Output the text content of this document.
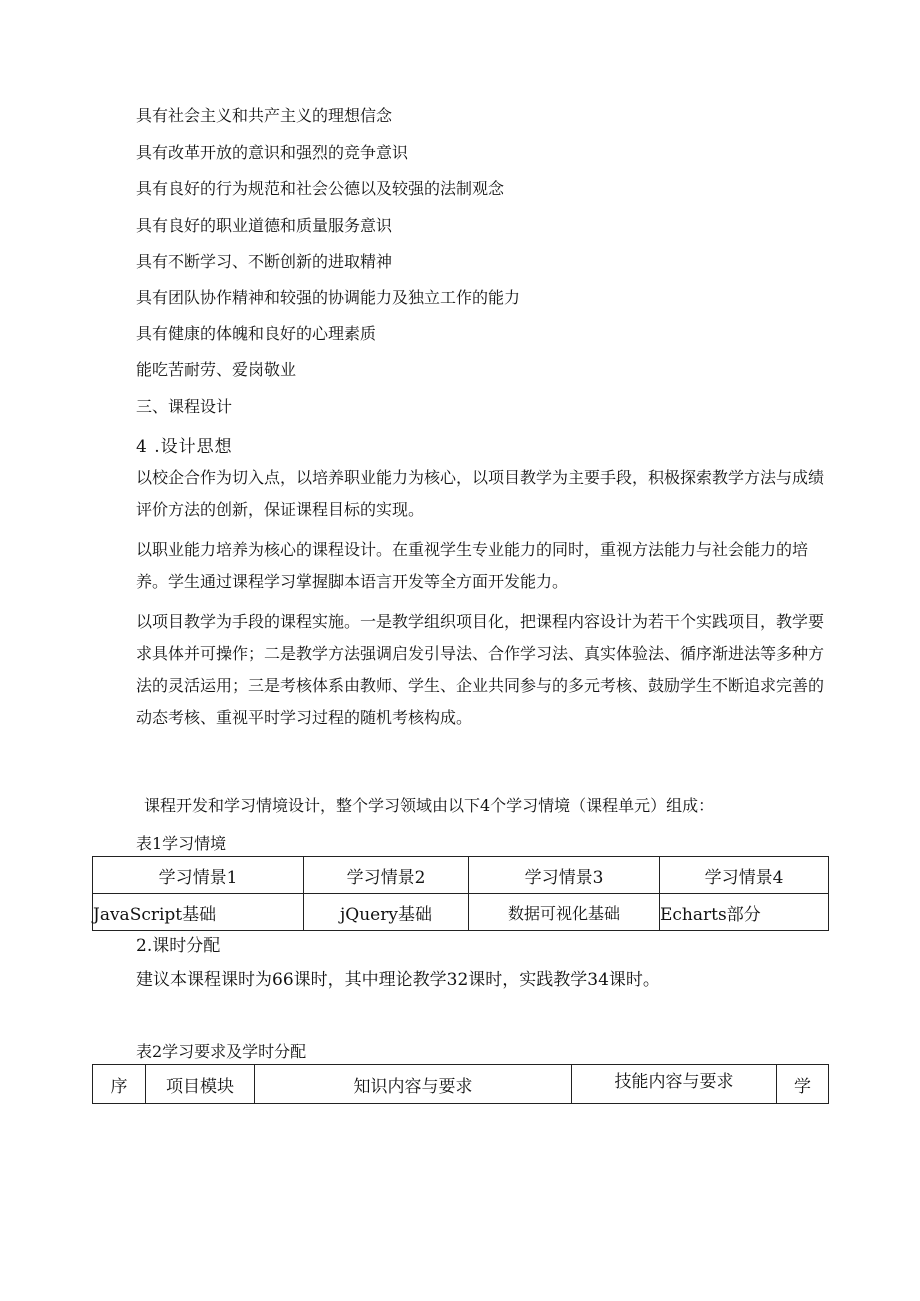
具有社会主义和共产主义的理想信念
具有改革开放的意识和强烈的竞争意识
具有良好的行为规范和社会公德以及较强的法制观念
具有良好的职业道德和质量服务意识
具有不断学习、不断创新的进取精神
具有团队协作精神和较强的协调能力及独立工作的能力
具有健康的体魄和良好的心理素质
能吃苦耐劳、爱岗敬业
三、课程设计
4 .设计思想
以校企合作为切入点，以培养职业能力为核心，以项目教学为主要手段，积极探索教学方法与成绩评价方法的创新，保证课程目标的实现。
以职业能力培养为核心的课程设计。在重视学生专业能力的同时，重视方法能力与社会能力的培养。学生通过课程学习掌握脚本语言开发等全方面开发能力。
以项目教学为手段的课程实施。一是教学组织项目化，把课程内容设计为若干个实践项目，教学要求具体并可操作；二是教学方法强调启发引导法、合作学习法、真实体验法、循序渐进法等多种方法的灵活运用；三是考核体系由教师、学生、企业共同参与的多元考核、鼓励学生不断追求完善的动态考核、重视平时学习过程的随机考核构成。
课程开发和学习情境设计，整个学习领域由以下4个学习情境（课程单元）组成：
表1学习情境
学习情景1	学习情景2	学习情景3	学习情景4
JavaScript基础	jQuery基础	数据可视化基础	Echarts部分
2.课时分配
建议本课程课时为66课时，其中理论教学32课时，实践教学34课时。
表2学习要求及学时分配
序	项目模块	知识内容与要求	技能内容与要求	学
